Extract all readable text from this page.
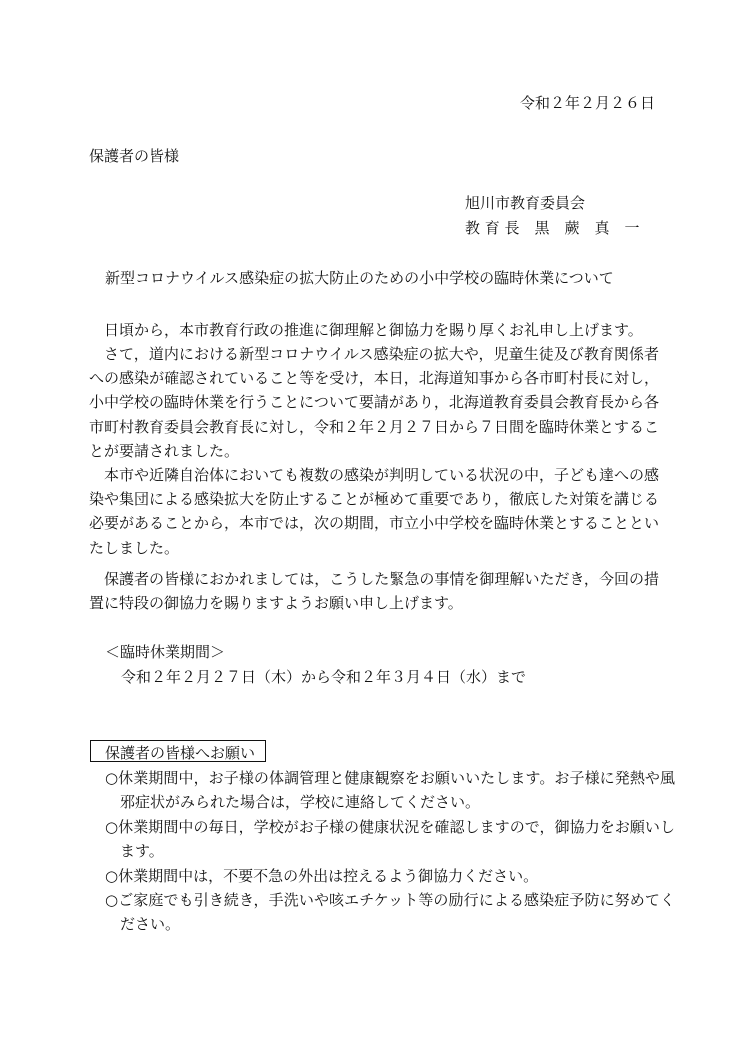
令和２年２月２６日
保護者の皆様
旭川市教育委員会
教 育 長　黒　蕨　真　一
新型コロナウイルス感染症の拡大防止のための小中学校の臨時休業について

日頃から，本市教育行政の推進に御理解と御協力を賜り厚くお礼申し上げます。

さて，道内における新型コロナウイルス感染症の拡大や，児童生徒及び教育関係者への感染が確認されていること等を受け，本日，北海道知事から各市町村長に対し，小中学校の臨時休業を行うことについて要請があり，北海道教育委員会教育長から各市町村教育委員会教育長に対し，令和２年２月２７日から７日間を臨時休業とすることが要請されました。

本市や近隣自治体においても複数の感染が判明している状況の中，子ども達への感染や集団による感染拡大を防止することが極めて重要であり，徹底した対策を講じる必要があることから，本市では，次の期間，市立小中学校を臨時休業とすることといたしました。

保護者の皆様におかれましては，こうした緊急の事情を御理解いただき，今回の措置に特段の御協力を賜りますようお願い申し上げます。

＜臨時休業期間＞
令和２年２月２７日（木）から令和２年３月４日（水）まで
保護者の皆様へお願い

○休業期間中，お子様の体調管理と健康観察をお願いいたします。お子様に発熱や風邪症状がみられた場合は，学校に連絡してください。

○休業期間中の毎日，学校がお子様の健康状況を確認しますので，御協力をお願いします。

○休業期間中は，不要不急の外出は控えるよう御協力ください。

○ご家庭でも引き続き，手洗いや咳エチケット等の励行による感染症予防に努めてください。
